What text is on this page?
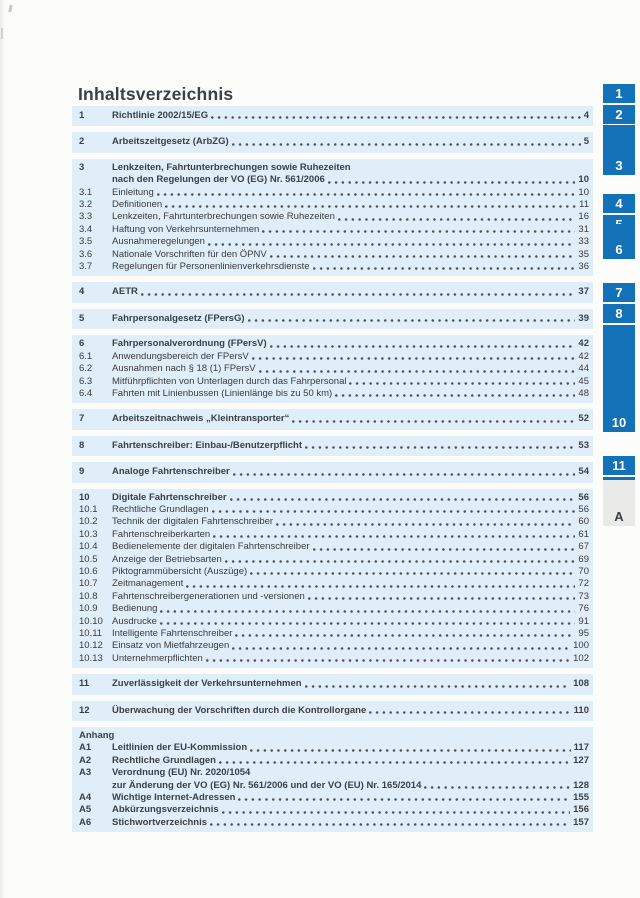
Inhaltsverzeichnis
1	Richtlinie 2002/15/EG	4
2	Arbeitszeitgesetz (ArbZG)	5
3	Lenkzeiten, Fahrtunterbrechungen sowie Ruhezeiten
nach den Regelungen der VO (EG) Nr. 561/2006	10
3.1	Einleitung	10
3.2	Definitionen	11
3.3	Lenkzeiten, Fahrtunterbrechungen sowie Ruhezeiten	16
3.4	Haftung von Verkehrsunternehmen	31
3.5	Ausnahmeregelungen	33
3.6	Nationale Vorschriften für den ÖPNV	35
3.7	Regelungen für Personenlinienverkehrsdienste	36
4	AETR	37
5	Fahrpersonalgesetz (FPersG)	39
6	Fahrpersonalverordnung (FPersV)	42
6.1	Anwendungsbereich der FPersV	42
6.2	Ausnahmen nach § 18 (1) FPersV	44
6.3	Mitführpflichten von Unterlagen durch das Fahrpersonal	45
6.4	Fahrten mit Linienbussen (Linienlänge bis zu 50 km)	48
7	Arbeitszeitnachweis „Kleintransporter“	52
8	Fahrtenschreiber: Einbau-/Benutzerpflicht	53
9	Analoge Fahrtenschreiber	54
10	Digitale Fahrtenschreiber	56
10.1	Rechtliche Grundlagen	56
10.2	Technik der digitalen Fahrtenschreiber	60
10.3	Fahrtenschreiberkarten	61
10.4	Bedienelemente der digitalen Fahrtenschreiber	67
10.5	Anzeige der Betriebsarten	69
10.6	Piktogrammübersicht (Auszüge)	70
10.7	Zeitmanagement	72
10.8	Fahrtenschreibergenerationen und -versionen	73
10.9	Bedienung	76
10.10 Ausdrucke	91
10.11	Intelligente Fahrtenschreiber	95
10.12 Einsatz von Mietfahrzeugen	100
10.13 Unternehmerpflichten	102
11	Zuverlässigkeit der Verkehrsunternehmen	108
12	Überwachung der Vorschriften durch die Kontrollorgane	110
Anhang
A1	Leitlinien der EU-Kommission	117
A2	Rechtliche Grundlagen	127
A3	Verordnung (EU) Nr. 2020/1054
zur Änderung der VO (EG) Nr. 561/2006 und der VO (EU) Nr. 165/2014	128
A4	Wichtige Internet-Adressen	155
A5	Abkürzungsverzeichnis	156
A6	Stichwortverzeichnis	157
1
2
3
4
6
7
8
10
11
A
